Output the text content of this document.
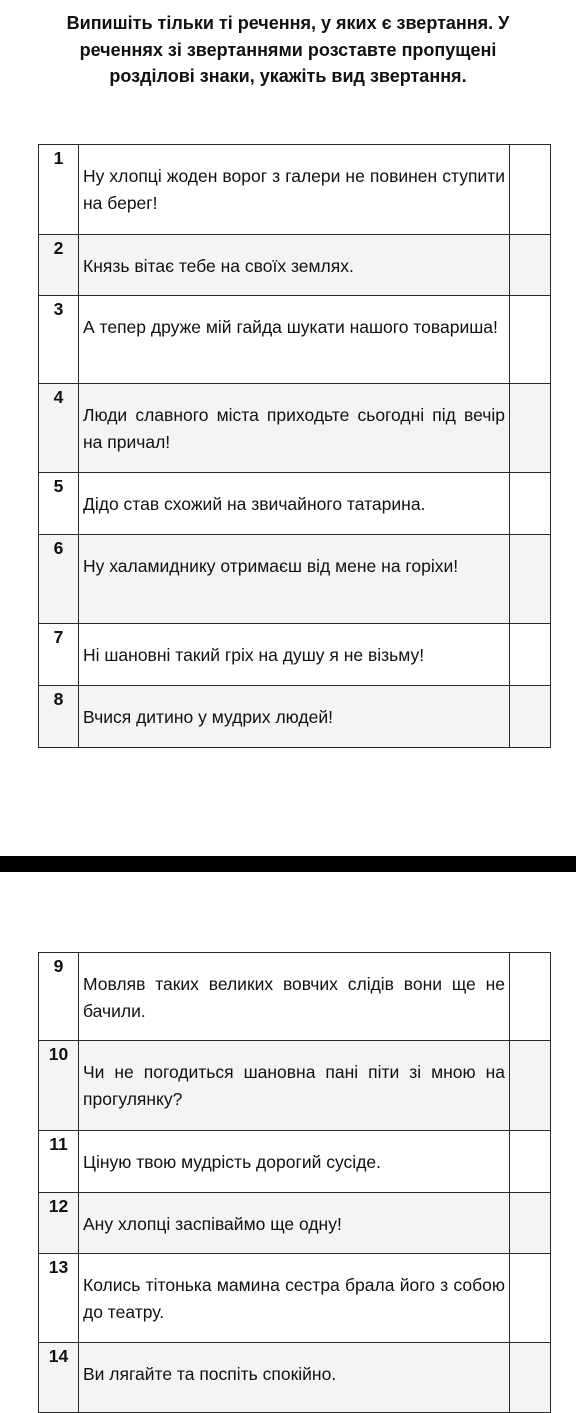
Випишіть тільки ті речення, у яких є звертання. У
реченнях зі звертаннями розставте пропущені
розділові знаки, укажіть вид звертання.
1	Ну хлопці жоден ворог з галери не повинен ступити на берег!	
2	Князь вітає тебе на своїх землях.	
3	А тепер друже мій гайда шукати нашого товариша!	
4	Люди славного міста приходьте сьогодні під вечір на причал!	
5	Дідо став схожий на звичайного татарина.	
6	Ну халамиднику отримаєш від мене на горіхи!	
7	Ні шановні такий гріх на душу я не візьму!	
8	Вчися дитино у мудрих людей!	
9	Мовляв таких великих вовчих слідів вони ще не бачили.	
10	Чи не погодиться шановна пані піти зі мною на прогулянку?	
11	Ціную твою мудрість дорогий сусіде.	
12	Ану хлопці заспіваймо ще одну!	
13	Колись тітонька мамина сестра брала його з собою до театру.	
14	Ви лягайте та поспіть спокійно.	
